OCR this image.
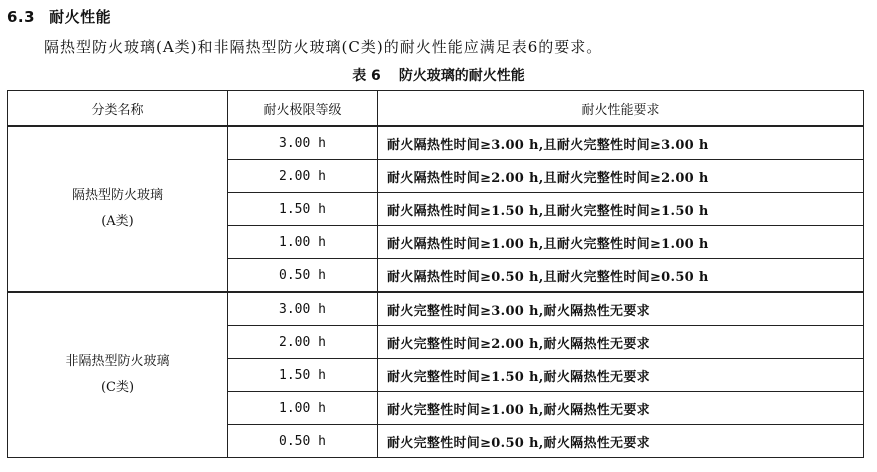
6.3 耐火性能
隔热型防火玻璃(A类)和非隔热型防火玻璃(C类)的耐火性能应满足表6的要求。
表 6 防火玻璃的耐火性能
分类名称	耐火极限等级	耐火性能要求

隔热型防火玻璃
(A类)	3.00 h	耐火隔热性时间≥3.00 h,且耐火完整性时间≥3.00 h
	2.00 h	耐火隔热性时间≥2.00 h,且耐火完整性时间≥2.00 h
	1.50 h	耐火隔热性时间≥1.50 h,且耐火完整性时间≥1.50 h
	1.00 h	耐火隔热性时间≥1.00 h,且耐火完整性时间≥1.00 h
	0.50 h	耐火隔热性时间≥0.50 h,且耐火完整性时间≥0.50 h

非隔热型防火玻璃
(C类)	3.00 h	耐火完整性时间≥3.00 h,耐火隔热性无要求
	2.00 h	耐火完整性时间≥2.00 h,耐火隔热性无要求
	1.50 h	耐火完整性时间≥1.50 h,耐火隔热性无要求
	1.00 h	耐火完整性时间≥1.00 h,耐火隔热性无要求
	0.50 h	耐火完整性时间≥0.50 h,耐火隔热性无要求
